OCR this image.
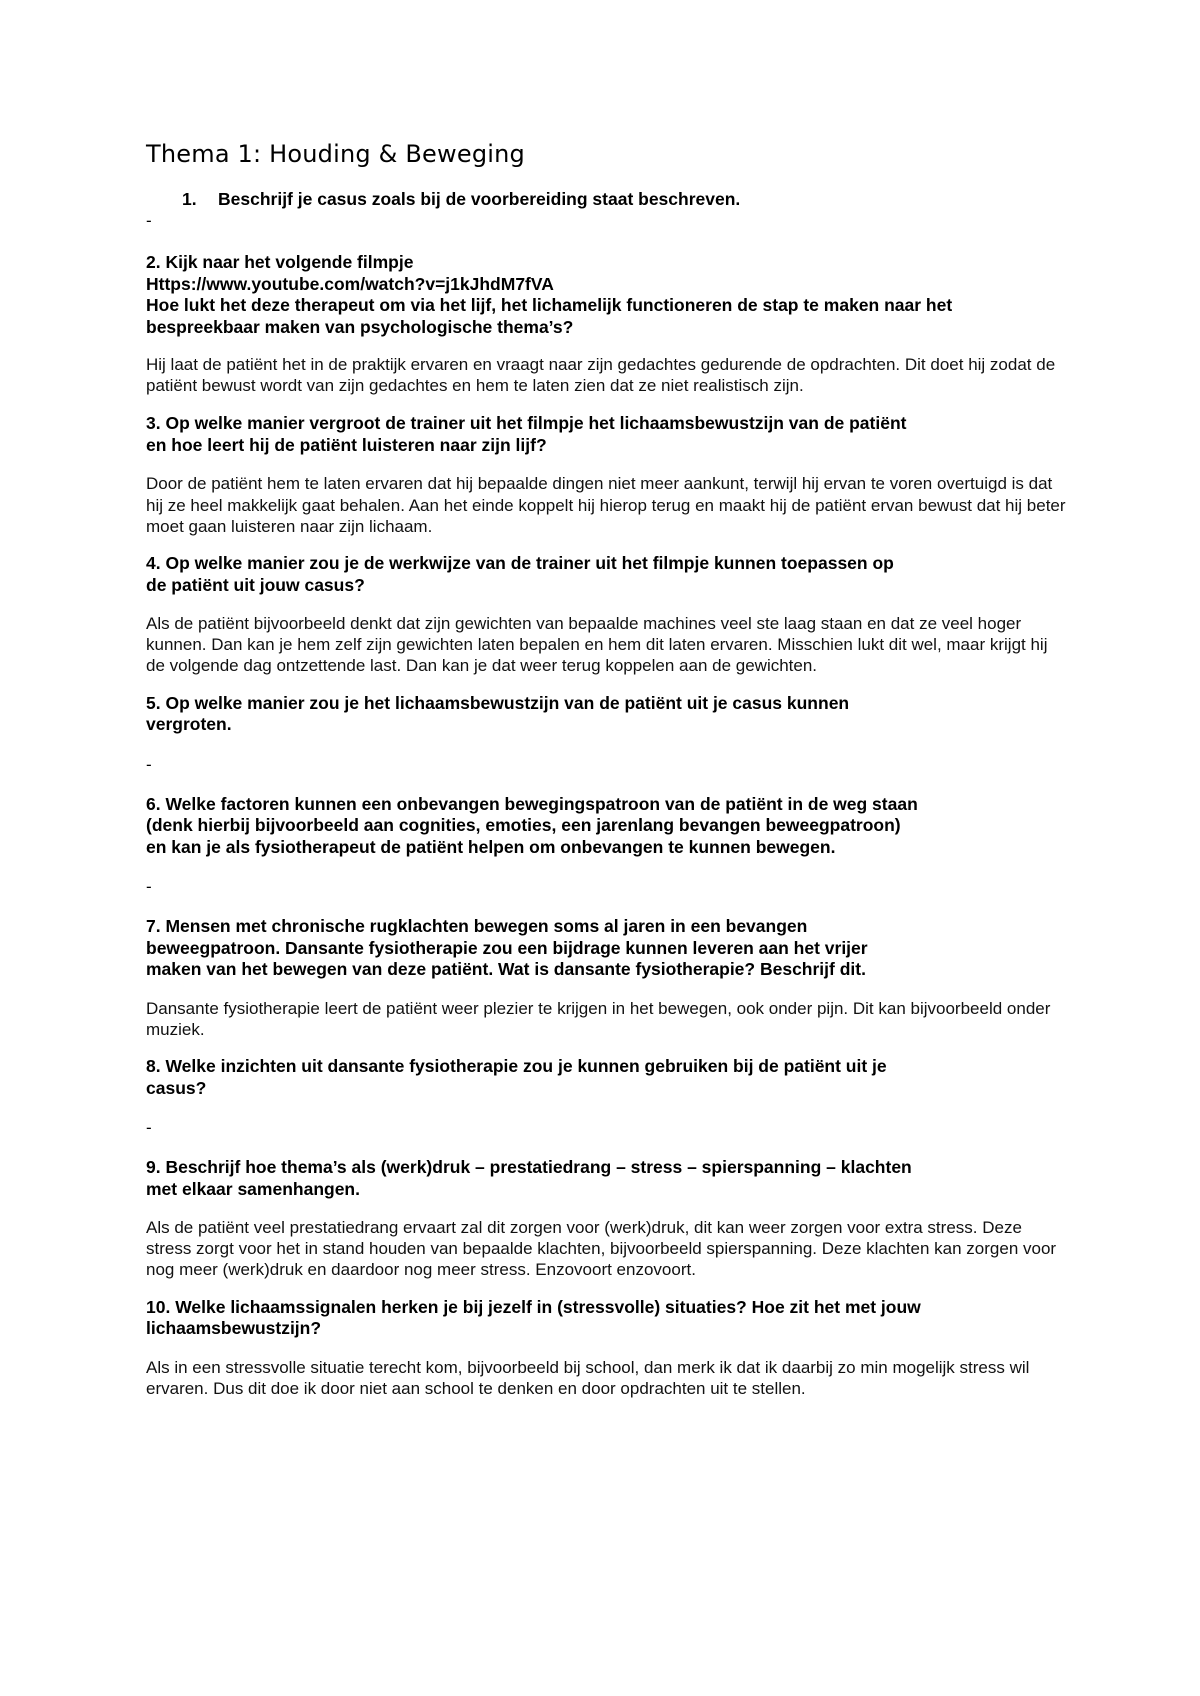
Thema 1: Houding & Beweging
1.	Beschrijf je casus zoals bij de voorbereiding staat beschreven.

-

2. Kijk naar het volgende filmpje

Https://www.youtube.com/watch?v=j1kJhdM7fVA

Hoe lukt het deze therapeut om via het lijf, het lichamelijk functioneren de stap te maken naar het
bespreekbaar maken van psychologische thema’s?

Hij laat de patiënt het in de praktijk ervaren en vraagt naar zijn gedachtes gedurende de opdrachten. Dit doet hij zodat de patiënt bewust wordt van zijn gedachtes en hem te laten zien dat ze niet realistisch zijn.

3. Op welke manier vergroot de trainer uit het filmpje het lichaamsbewustzijn van de patiënt
en hoe leert hij de patiënt luisteren naar zijn lijf?

Door de patiënt hem te laten ervaren dat hij bepaalde dingen niet meer aankunt, terwijl hij ervan te voren overtuigd is dat hij ze heel makkelijk gaat behalen. Aan het einde koppelt hij hierop terug en maakt hij de patiënt ervan bewust dat hij beter moet gaan luisteren naar zijn lichaam.

4. Op welke manier zou je de werkwijze van de trainer uit het filmpje kunnen toepassen op
de patiënt uit jouw casus?

Als de patiënt bijvoorbeeld denkt dat zijn gewichten van bepaalde machines veel ste laag staan en dat ze veel hoger kunnen. Dan kan je hem zelf zijn gewichten laten bepalen en hem dit laten ervaren. Misschien lukt dit wel, maar krijgt hij de volgende dag ontzettende last. Dan kan je dat weer terug koppelen aan de gewichten.

5. Op welke manier zou je het lichaamsbewustzijn van de patiënt uit je casus kunnen
vergroten.

-

6. Welke factoren kunnen een onbevangen bewegingspatroon van de patiënt in de weg staan
(denk hierbij bijvoorbeeld aan cognities, emoties, een jarenlang bevangen beweegpatroon)
en kan je als fysiotherapeut de patiënt helpen om onbevangen te kunnen bewegen.

-

7. Mensen met chronische rugklachten bewegen soms al jaren in een bevangen
beweegpatroon. Dansante fysiotherapie zou een bijdrage kunnen leveren aan het vrijer
maken van het bewegen van deze patiënt. Wat is dansante fysiotherapie? Beschrijf dit.

Dansante fysiotherapie leert de patiënt weer plezier te krijgen in het bewegen, ook onder pijn. Dit kan bijvoorbeeld onder muziek.

8. Welke inzichten uit dansante fysiotherapie zou je kunnen gebruiken bij de patiënt uit je
casus?

-

9. Beschrijf hoe thema’s als (werk)druk – prestatiedrang – stress – spierspanning – klachten
met elkaar samenhangen.

Als de patiënt veel prestatiedrang ervaart zal dit zorgen voor (werk)druk, dit kan weer zorgen voor extra stress. Deze stress zorgt voor het in stand houden van bepaalde klachten, bijvoorbeeld spierspanning. Deze klachten kan zorgen voor nog meer (werk)druk en daardoor nog meer stress. Enzovoort enzovoort.

10. Welke lichaamssignalen herken je bij jezelf in (stressvolle) situaties? Hoe zit het met jouw
lichaamsbewustzijn?

Als in een stressvolle situatie terecht kom, bijvoorbeeld bij school, dan merk ik dat ik daarbij zo min mogelijk stress wil ervaren. Dus dit doe ik door niet aan school te denken en door opdrachten uit te stellen.
